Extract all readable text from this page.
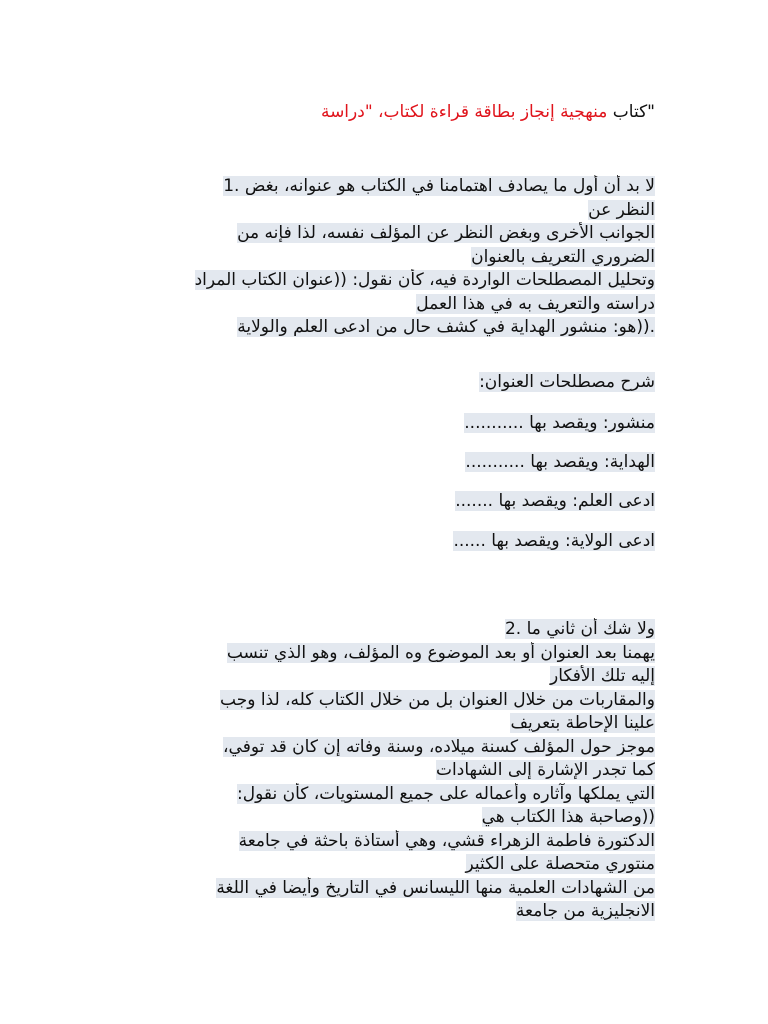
"كتاب منهجية إنجاز بطاقة قراءة لكتاب، "دراسة
لا بد أن أول ما يصادف اهتمامنا في الكتاب هو عنوانه، بغض .1
النظر عن
الجوانب الأخرى وبغض النظر عن المؤلف نفسه، لذا فإنه من
الضروري التعريف بالعنوان
وتحليل المصطلحات الواردة فيه، كأن نقول: ((عنوان الكتاب المراد
دراسته والتعريف به في هذا العمل
.((هو: منشور الهداية في كشف حال من ادعى العلم والولاية
شرح مصطلحات العنوان:
منشور: ويقصد بها ...........
الهداية: ويقصد بها ...........
ادعى العلم: ويقصد بها .......
ادعى الولاية: ويقصد بها ......
ولا شك أن ثاني ما .2
يهمنا بعد العنوان أو بعد الموضوع وه المؤلف، وهو الذي تنسب
إليه تلك الأفكار
والمقاربات من خلال العنوان بل من خلال الكتاب كله، لذا وجب
علينا الإحاطة بتعريف
موجز حول المؤلف كسنة ميلاده، وسنة وفاته إن كان قد توفي،
كما تجدر الإشارة إلى الشهادات
التي يملكها وآثاره وأعماله على جميع المستويات، كأن نقول:
((وصاحبة هذا الكتاب هي
الدكتورة فاطمة الزهراء قشي، وهي أستاذة باحثة في جامعة
منتوري متحصلة على الكثير
من الشهادات العلمية منها الليسانس في التاريخ وأيضا في اللغة
الانجليزية من جامعة
